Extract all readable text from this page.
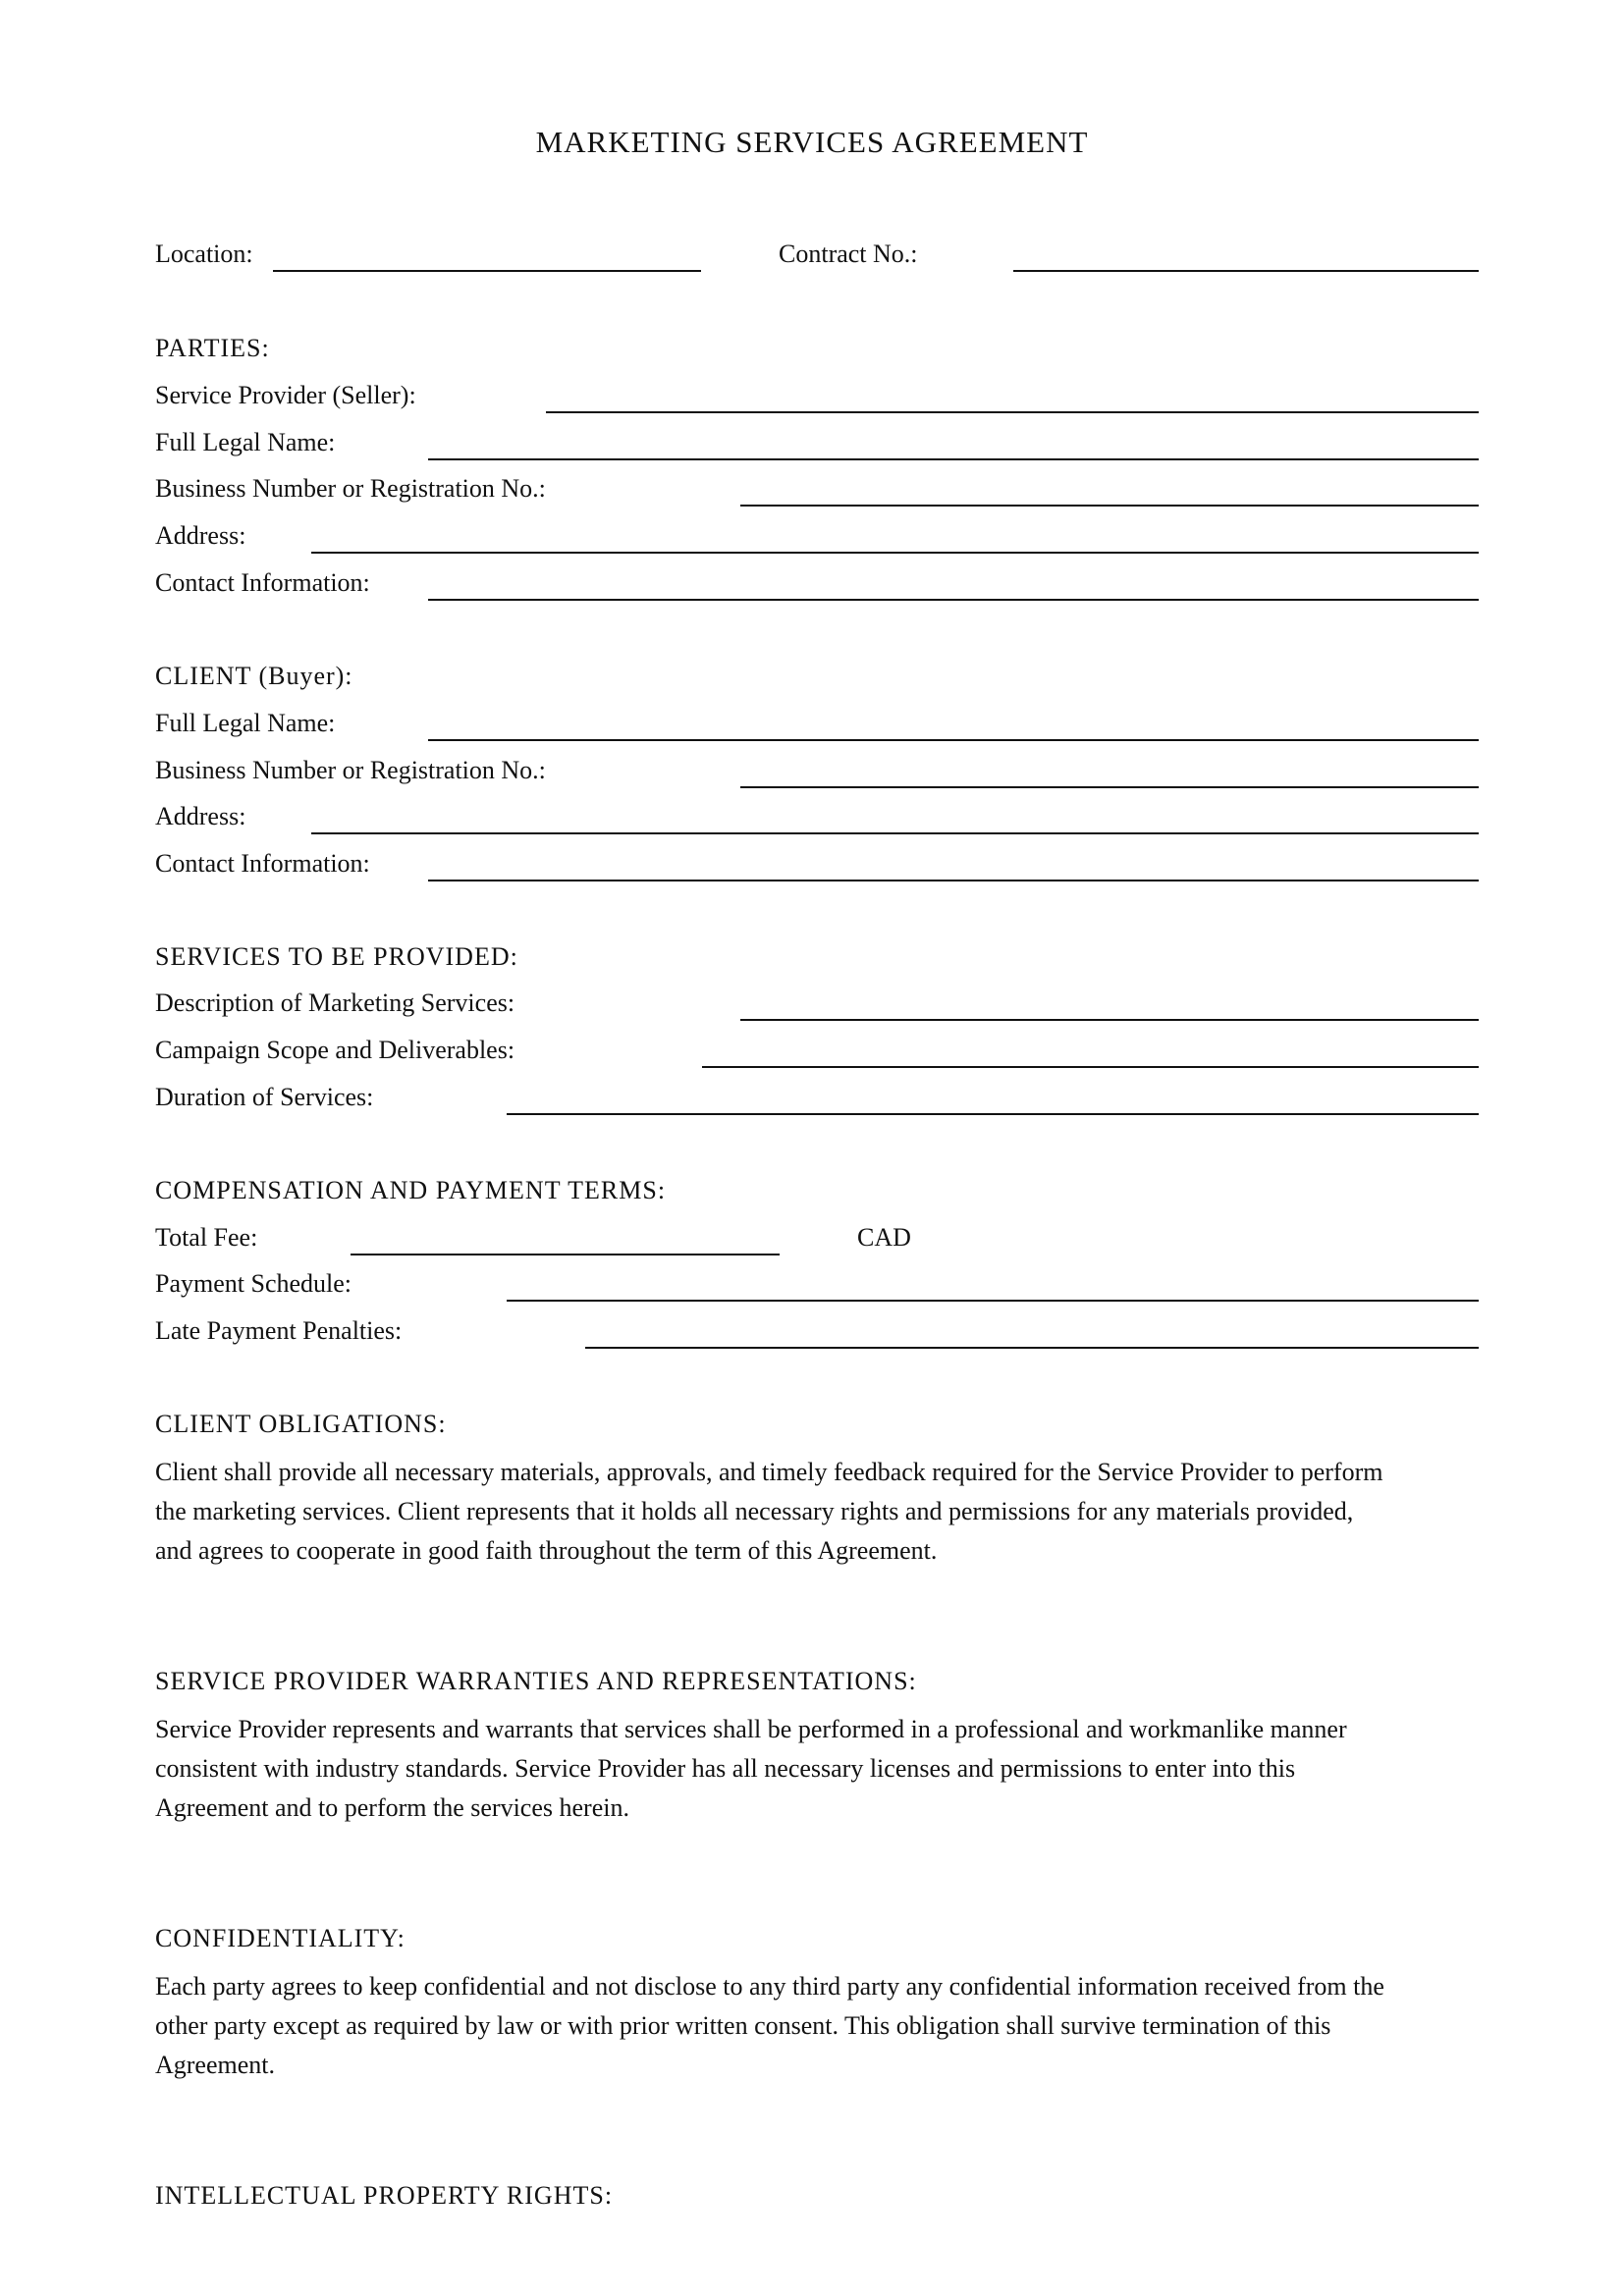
MARKETING SERVICES AGREEMENT
Location:	Contract No.:
PARTIES:
Service Provider (Seller):
Full Legal Name:
Business Number or Registration No.:
Address:
Contact Information:
CLIENT (Buyer):
Full Legal Name:
Business Number or Registration No.:
Address:
Contact Information:
SERVICES TO BE PROVIDED:
Description of Marketing Services:
Campaign Scope and Deliverables:
Duration of Services:
COMPENSATION AND PAYMENT TERMS:
Total Fee:	CAD
Payment Schedule:
Late Payment Penalties:
CLIENT OBLIGATIONS:
Client shall provide all necessary materials, approvals, and timely feedback required for the Service Provider to perform
the marketing services. Client represents that it holds all necessary rights and permissions for any materials provided,
and agrees to cooperate in good faith throughout the term of this Agreement.
SERVICE PROVIDER WARRANTIES AND REPRESENTATIONS:
Service Provider represents and warrants that services shall be performed in a professional and workmanlike manner
consistent with industry standards. Service Provider has all necessary licenses and permissions to enter into this
Agreement and to perform the services herein.
CONFIDENTIALITY:
Each party agrees to keep confidential and not disclose to any third party any confidential information received from the
other party except as required by law or with prior written consent. This obligation shall survive termination of this
Agreement.
INTELLECTUAL PROPERTY RIGHTS:
